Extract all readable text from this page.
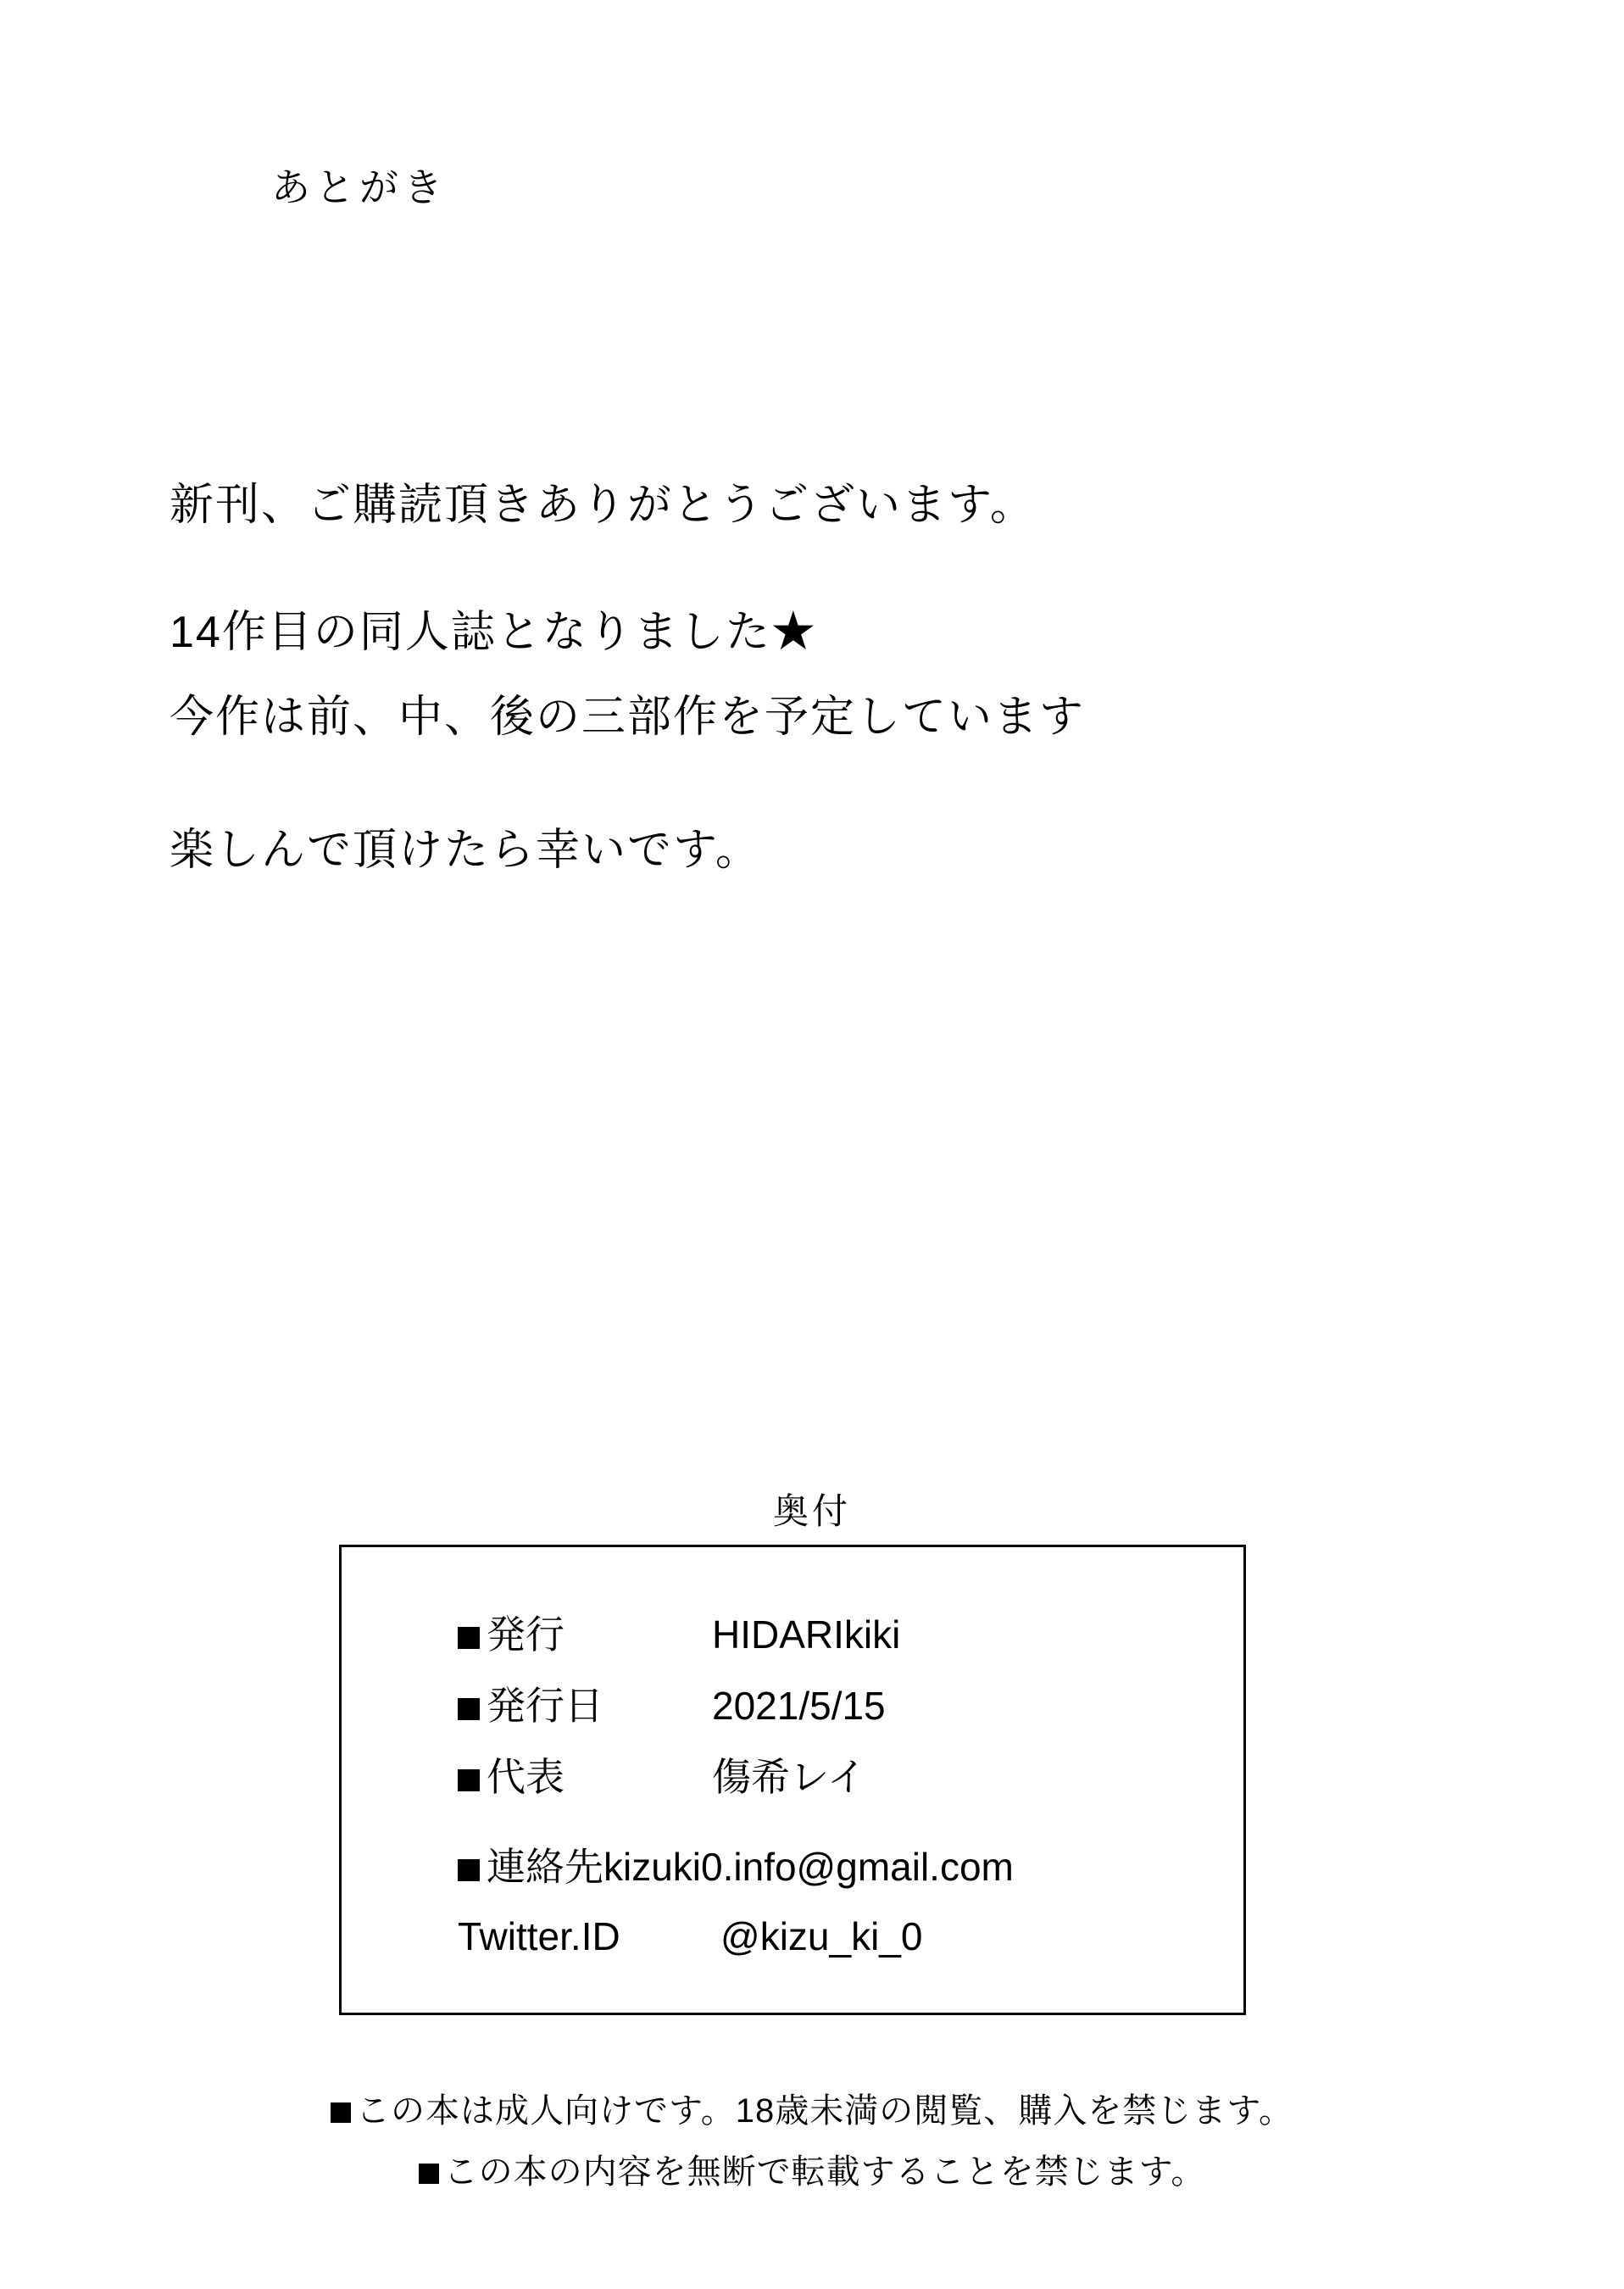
あとがき
新刊、ご購読頂きありがとうございます。
14作目の同人誌となりました★
今作は前、中、後の三部作を予定しています
楽しんで頂けたら幸いです。
奥付
発行	HIDARIkiki
発行日	2021/5/15
代表	傷希レイ
連絡先kizuki0.info@gmail.com
Twitter.ID	@kizu_ki_0
この本は成人向けです。18歳未満の閲覧、購入を禁じます。
この本の内容を無断で転載することを禁じます。
